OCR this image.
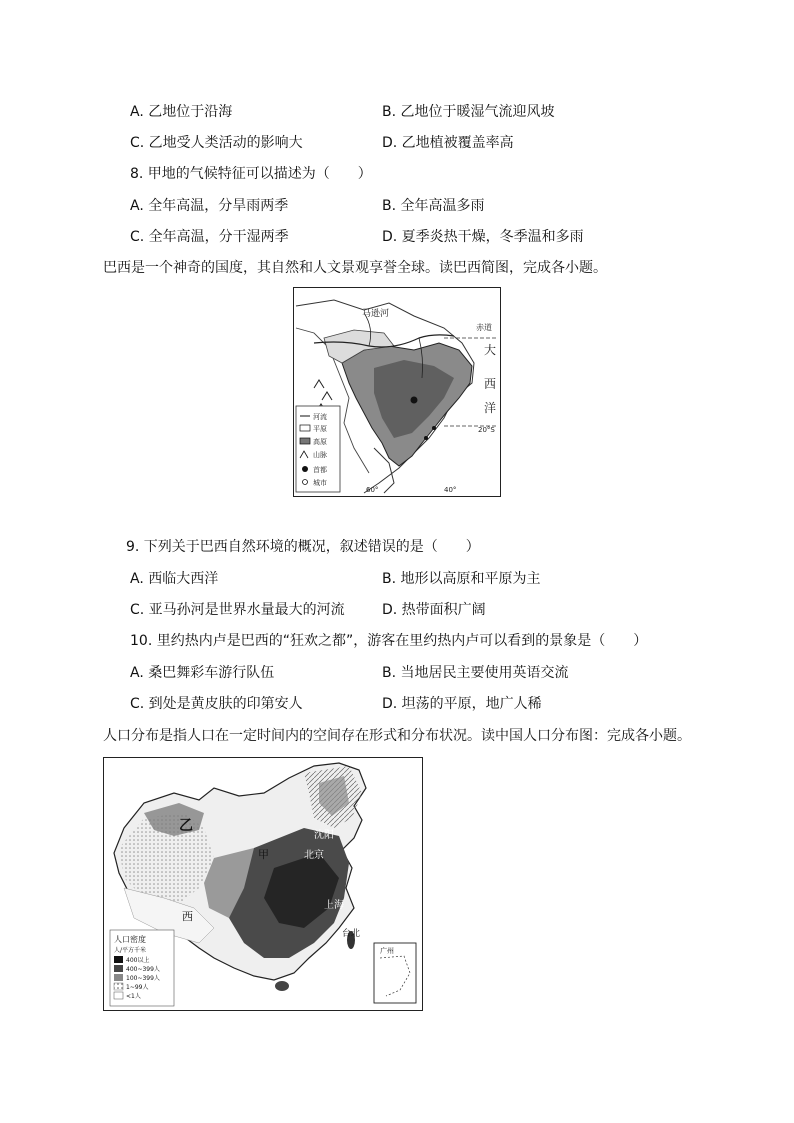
A. 乙地位于沿海	B. 乙地位于暖湿气流迎风坡
C. 乙地受人类活动的影响大	D. 乙地植被覆盖率高
8. 甲地的气候特征可以描述为（　　）
A. 全年高温，分旱雨两季	B. 全年高温多雨
C. 全年高温，分干湿两季	D. 夏季炎热干燥，冬季温和多雨
巴西是一个神奇的国度，其自然和人文景观享誉全球。读巴西简图，完成各小题。
马逊河
赤道
大
西
洋
20°S
60°	40°
河流
平原
高原
山脉
首都
城市
9. 下列关于巴西自然环境的概况，叙述错误的是（　　）
A. 西临大西洋	B. 地形以高原和平原为主
C. 亚马孙河是世界水量最大的河流	D. 热带面积广阔
10. 里约热内卢是巴西的“狂欢之都”，游客在里约热内卢可以看到的景象是（　　）
A. 桑巴舞彩车游行队伍	B. 当地居民主要使用英语交流
C. 到处是黄皮肤的印第安人	D. 坦荡的平原，地广人稀
人口分布是指人口在一定时间内的空间存在形式和分布状况。读中国人口分布图：完成各小题。
乙
甲
沈阳
北京
上海
台北
西
广州
人口密度
人/平方千米
400以上
400~399人
100~399人
1~99人
<1人
